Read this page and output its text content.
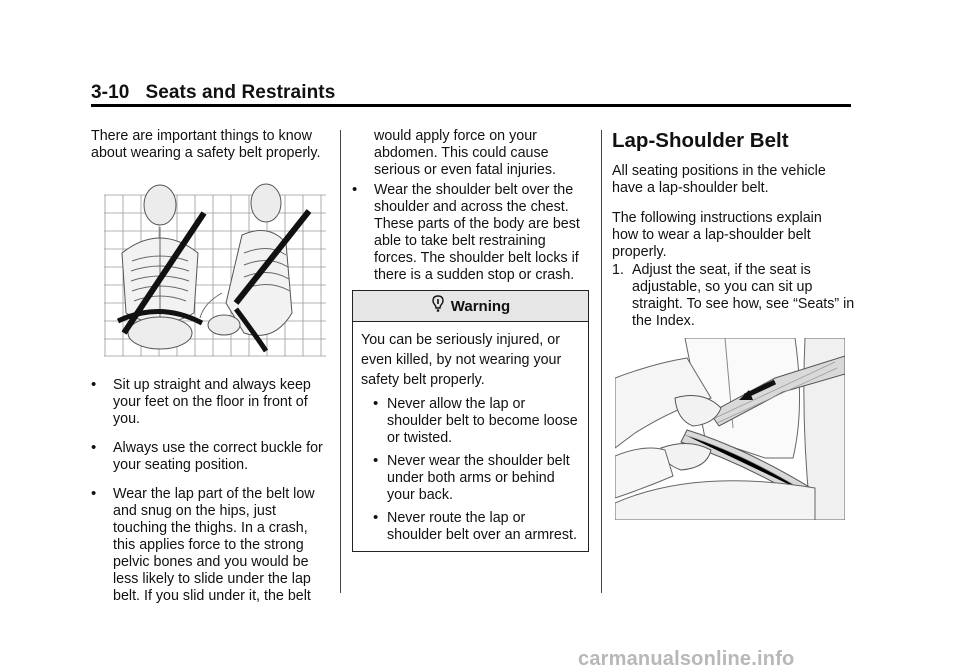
3-10 Seats and Restraints
There are important things to know about wearing a safety belt properly.
• Sit up straight and always keep your feet on the floor in front of you.
• Always use the correct buckle for your seating position.
• Wear the lap part of the belt low and snug on the hips, just touching the thighs. In a crash, this applies force to the strong pelvic bones and you would be less likely to slide under the lap belt. If you slid under it, the belt
would apply force on your abdomen. This could cause serious or even fatal injuries.
• Wear the shoulder belt over the shoulder and across the chest. These parts of the body are best able to take belt restraining forces. The shoulder belt locks if there is a sudden stop or crash.
Warning
You can be seriously injured, or even killed, by not wearing your safety belt properly.
• Never allow the lap or shoulder belt to become loose or twisted.
• Never wear the shoulder belt under both arms or behind your back.
• Never route the lap or shoulder belt over an armrest.
Lap-Shoulder Belt
All seating positions in the vehicle have a lap-shoulder belt.
The following instructions explain how to wear a lap-shoulder belt properly.
1. Adjust the seat, if the seat is adjustable, so you can sit up straight. To see how, see “Seats” in the Index.
carmanualsonline.info
